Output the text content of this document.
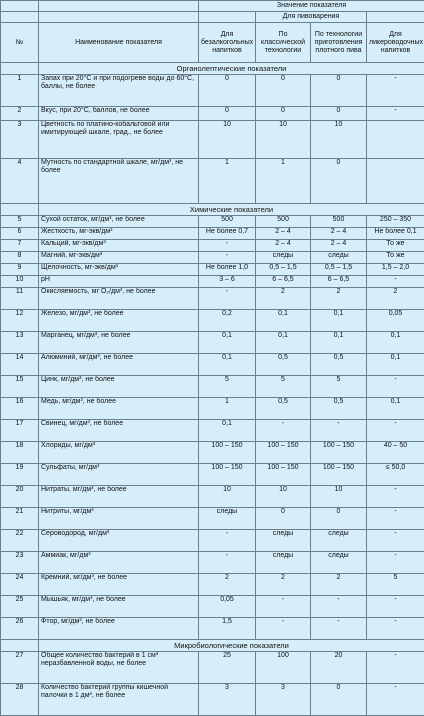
		Значение показателя			
			Для пивоварения		
№	Наименование показателя	Для безалкогольных напитков	По классической технологии	По технологии приготовления плотного пива	Для ликероводочных напитков
	Органолептические показатели				
1	Запах при 20°С и при подогреве воды до 60°С, баллы, не более	0	0	0	-
2	Вкус, при 20°С, баллов, не более	0	0	0	-
3	Цветность по платино-кобальтовой или имитирующей шкале, град., не более	10	10	10	
4	Мутность по стандартной шкале, мг/дм³, не более	1	1	0	
	Химические показатели				
5	Сухой остаток, мг/дм³, не более	500	500	500	250 – 350
6	Жесткость, мг-экв/дм³	Не более 0,7	2 – 4	2 – 4	Не более 0,1
7	Кальций, мг-экв/дм³	-	2 – 4	2 – 4	То же
8	Магний, мг-экв/дм³	-	следы	следы	То же
9	Щелочность, мг-экв/дм³	Не более 1,0	0,5 – 1,5	0,5 – 1,5	1,5 – 2,0
10	pH	3 – 6	6 – 6,5	6 – 6,5	-
11	Окисляемость, мг О₂/дм³, не более	-	2	2	2
12	Железо, мг/дм³, не более	0,2	0,1	0,1	0,05
13	Марганец, мг/дм³, не более	0,1	0,1	0,1	0,1
14	Алюминий, мг/дм³, не более	0,1	0,5	0,5	0,1
15	Цинк, мг/дм³, не более	5	5	5	-
16	Медь, мг/дм³, не более	1	0,5	0,5	0,1
17	Свинец, мг/дм³, не более	0,1	-	-	-
18	Хлориды, мг/дм³	100 – 150	100 – 150	100 – 150	40 – 50
19	Сульфаты, мг/дм³	100 – 150	100 – 150	100 – 150	≤ 50,0
20	Нитраты, мг/дм³, не более	10	10	10	-
21	Нитриты, мг/дм³	следы	0	0	-
22	Сероводород, мг/дм³	-	следы	следы	-
23	Аммиак, мг/дм³	-	следы	следы	-
24	Кремний, мг/дм³, не более	2	2	2	5
25	Мышьяк, мг/дм³, не более	0,05	-	-	-
26	Фтор, мг/дм³, не более	1,5	-	-	-
	Микробиологические показатели				
27	Общее количество бактерий в 1 см³ неразбавленной воды, не более	25	100	20	-
28	Количество бактерий группы кишечной палочки в 1 дм³, не более	3	3	0	-
